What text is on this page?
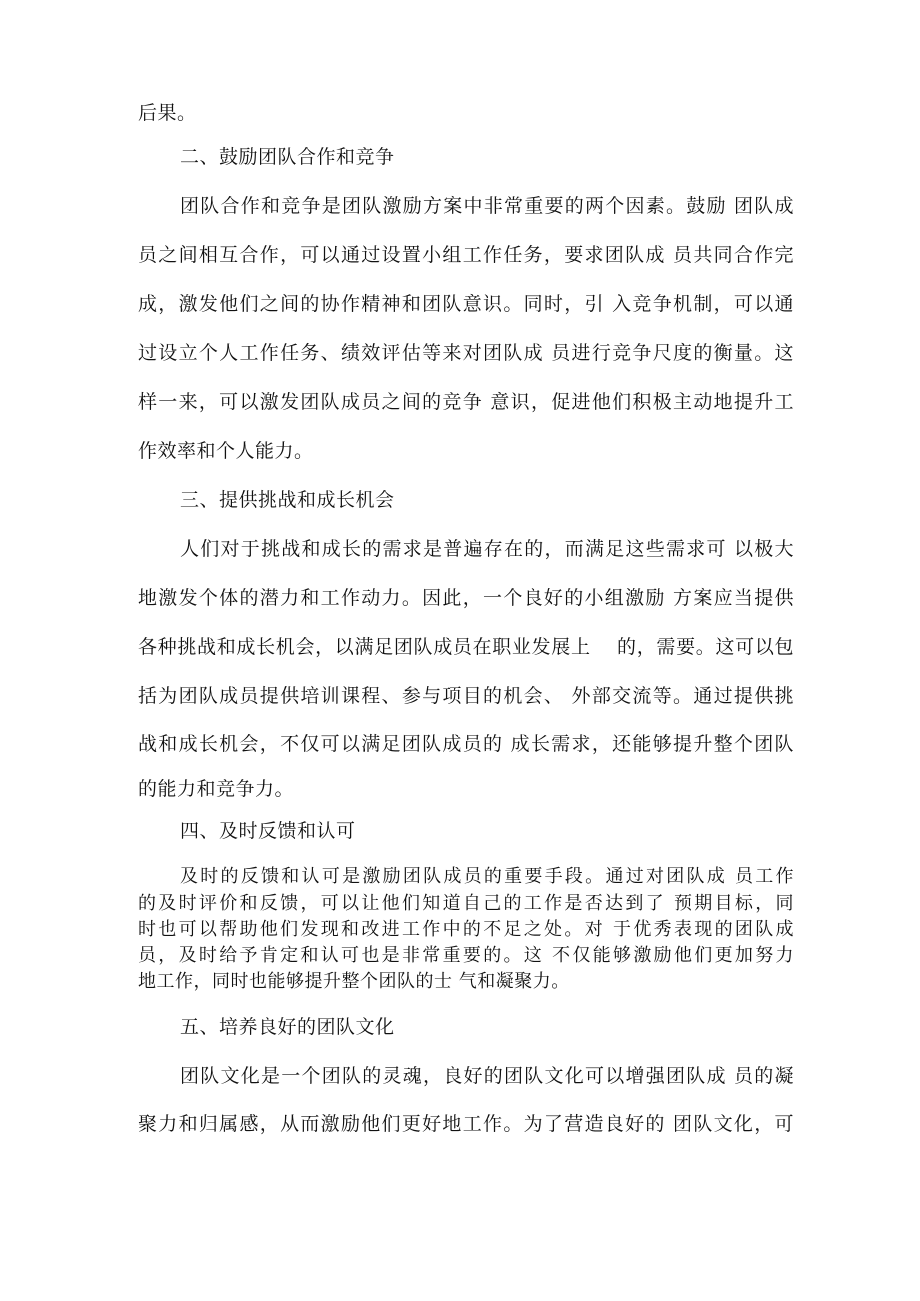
后果。
二、鼓励团队合作和竞争
团队合作和竞争是团队激励方案中非常重要的两个因素。鼓励 团队成
员之间相互合作，可以通过设置小组工作任务，要求团队成 员共同合作完
成，激发他们之间的协作精神和团队意识。同时，引 入竞争机制，可以通
过设立个人工作任务、绩效评估等来对团队成 员进行竞争尺度的衡量。这
样一来，可以激发团队成员之间的竞争 意识，促进他们积极主动地提升工
作效率和个人能力。
三、提供挑战和成长机会
人们对于挑战和成长的需求是普遍存在的，而满足这些需求可 以极大
地激发个体的潜力和工作动力。因此，一个良好的小组激励 方案应当提供
各种挑战和成长机会，以满足团队成员在职业发展上　 的，需要。这可以包
括为团队成员提供培训课程、参与项目的机会、 外部交流等。通过提供挑
战和成长机会，不仅可以满足团队成员的 成长需求，还能够提升整个团队
的能力和竞争力。
四、及时反馈和认可
及时的反馈和认可是激励团队成员的重要手段。通过对团队成 员工作
的及时评价和反馈，可以让他们知道自己的工作是否达到了 预期目标，同
时也可以帮助他们发现和改进工作中的不足之处。对 于优秀表现的团队成
员，及时给予肯定和认可也是非常重要的。这 不仅能够激励他们更加努力
地工作，同时也能够提升整个团队的士 气和凝聚力。
五、培养良好的团队文化
团队文化是一个团队的灵魂，良好的团队文化可以增强团队成 员的凝
聚力和归属感，从而激励他们更好地工作。为了营造良好的 团队文化，可
